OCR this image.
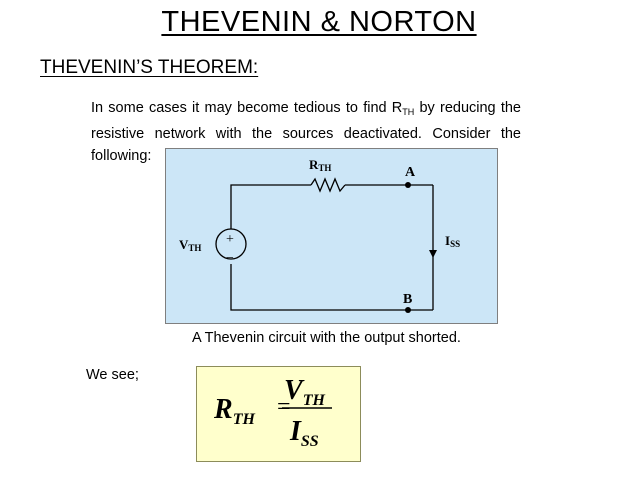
THEVENIN & NORTON
THEVENIN’S THEOREM:
In some cases it may become tedious to find $R_{TH}$ by reducing the resistive network with the sources deactivated. Consider the following:
RTH	A
B
VTH
+
−
ISS
A Thevenin circuit with the output shorted.
We see;
$R_{TH}$ =
$V_{TH}$
$I_{SS}$
